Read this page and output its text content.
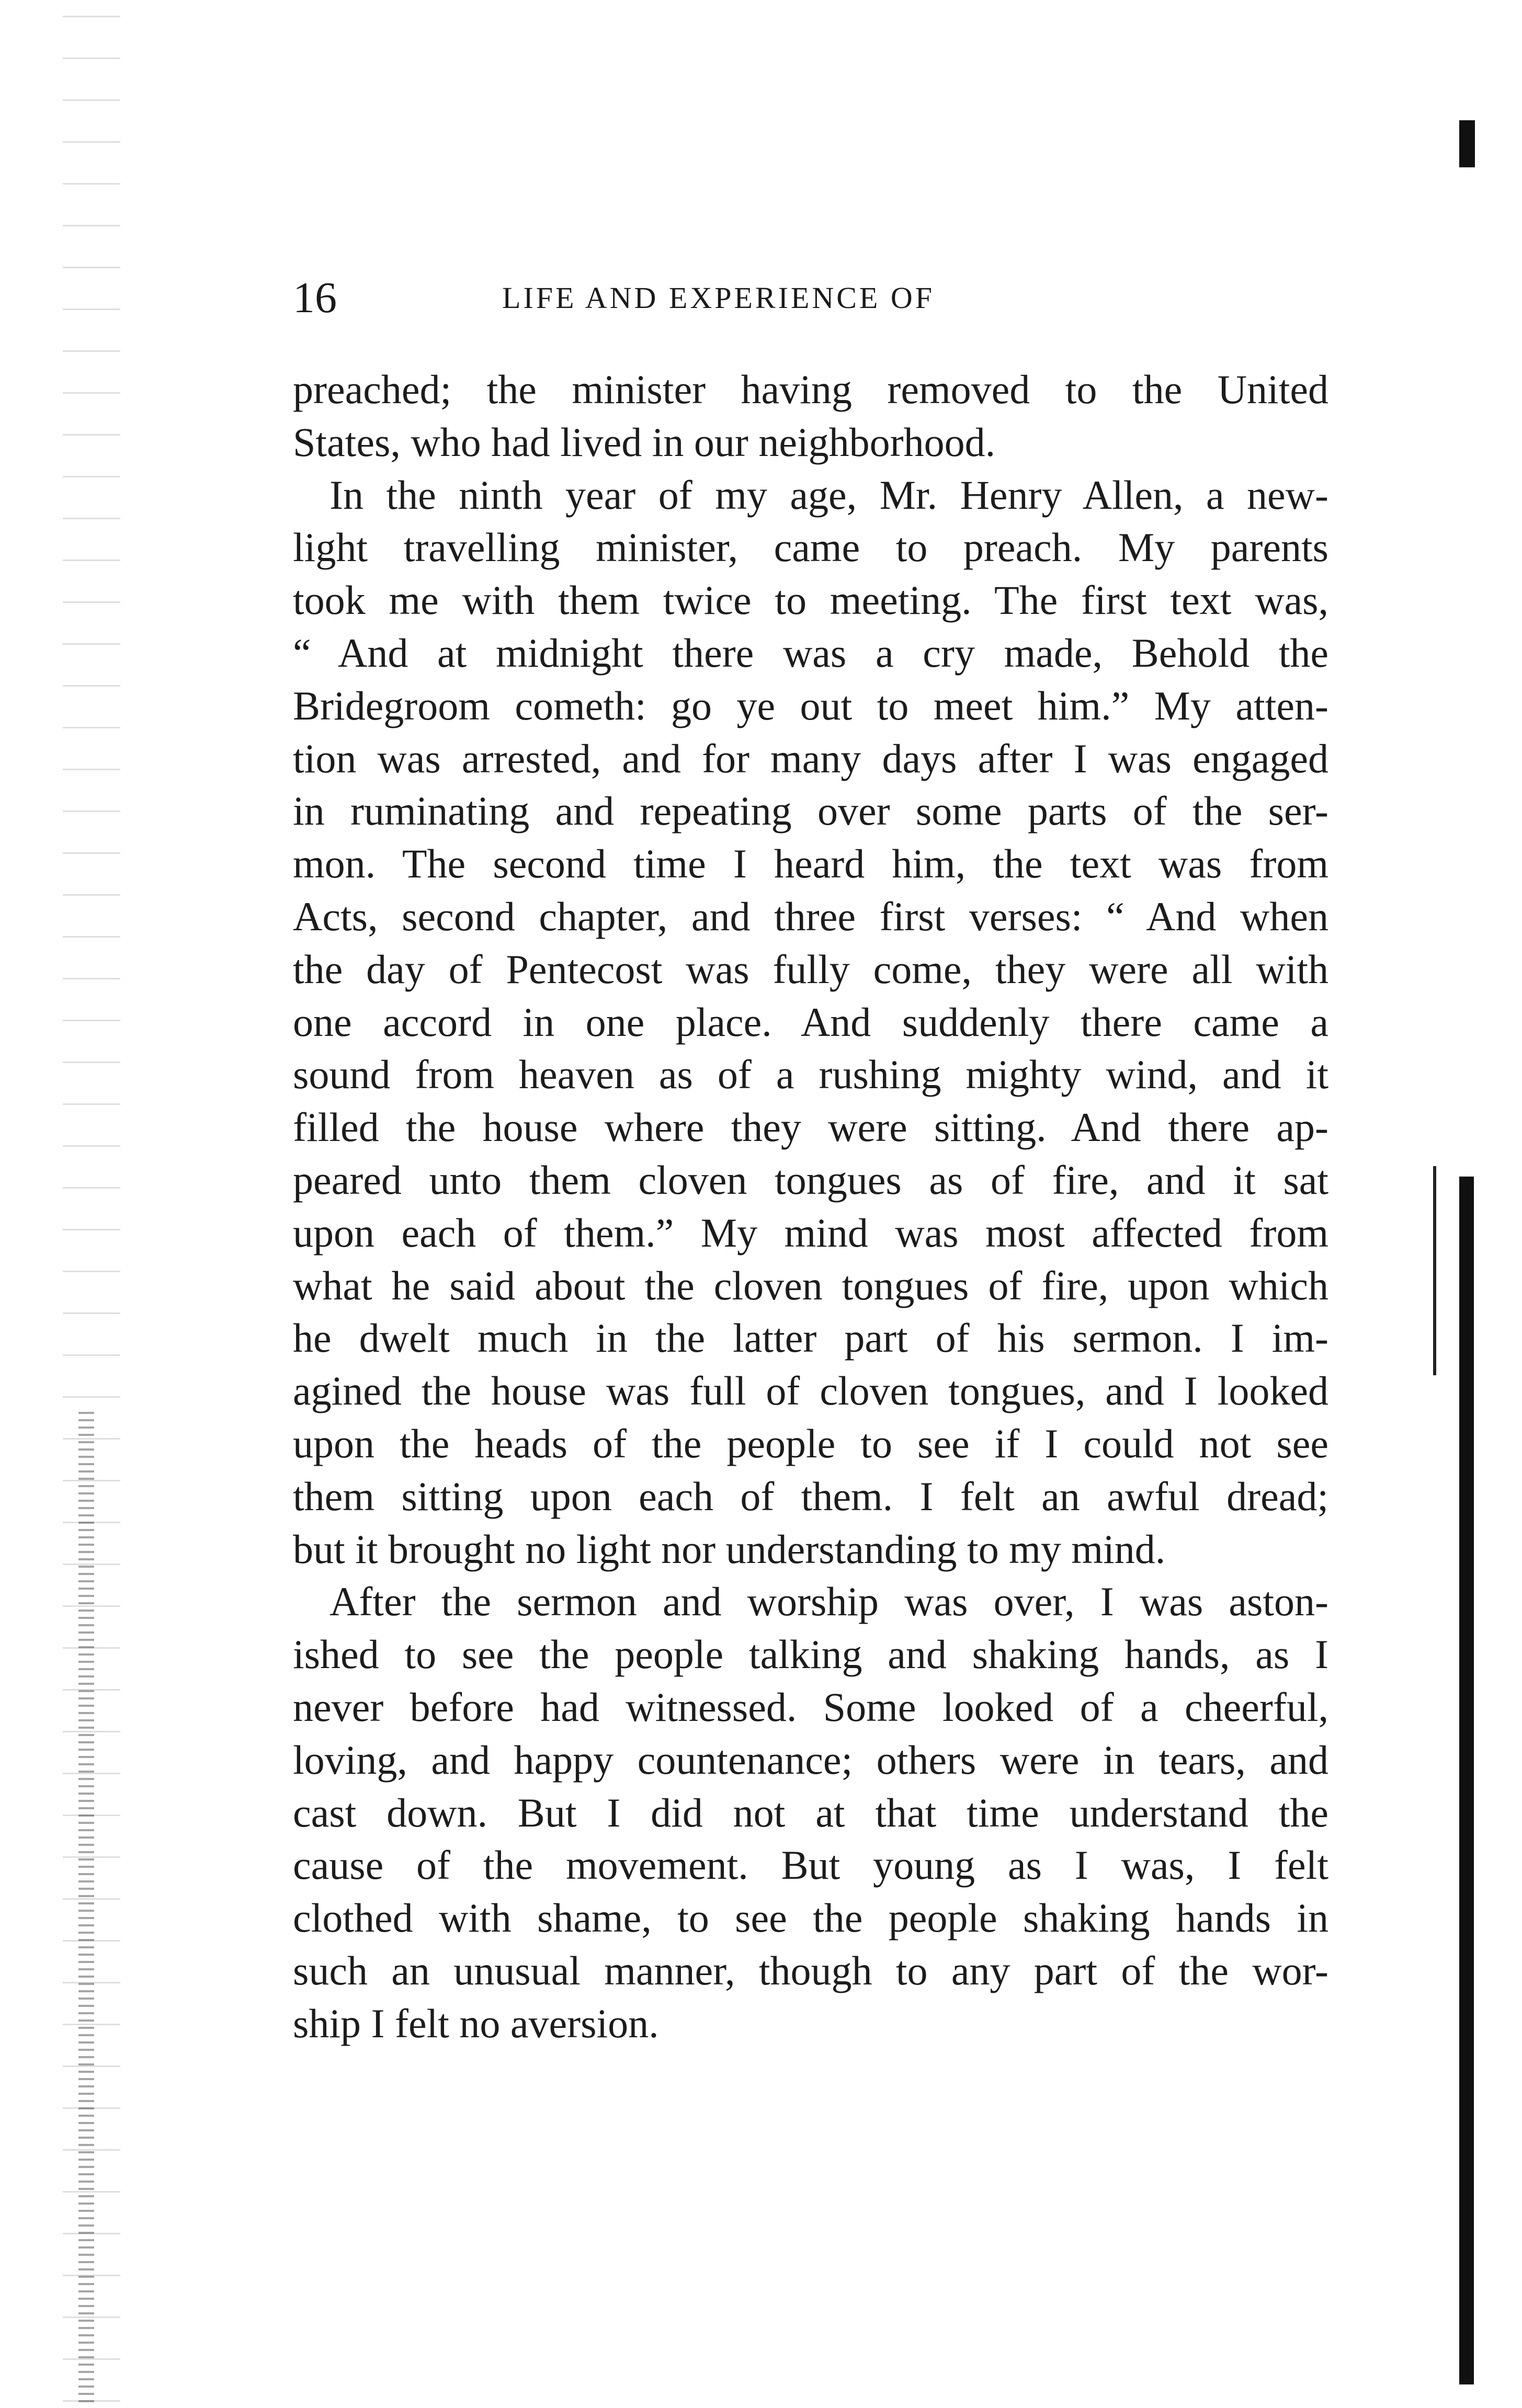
16	LIFE AND EXPERIENCE OF
preached; the minister having removed to the United
States, who had lived in our neighborhood.
In the ninth year of my age, Mr. Henry Allen, a new-
light travelling minister, came to preach. My parents
took me with them twice to meeting. The first text was,
“ And at midnight there was a cry made, Behold the
Bridegroom cometh: go ye out to meet him.” My atten-
tion was arrested, and for many days after I was engaged
in ruminating and repeating over some parts of the ser-
mon. The second time I heard him, the text was from
Acts, second chapter, and three first verses: “ And when
the day of Pentecost was fully come, they were all with
one accord in one place. And suddenly there came a
sound from heaven as of a rushing mighty wind, and it
filled the house where they were sitting. And there ap-
peared unto them cloven tongues as of fire, and it sat
upon each of them.” My mind was most affected from
what he said about the cloven tongues of fire, upon which
he dwelt much in the latter part of his sermon. I im-
agined the house was full of cloven tongues, and I looked
upon the heads of the people to see if I could not see
them sitting upon each of them. I felt an awful dread;
but it brought no light nor understanding to my mind.
After the sermon and worship was over, I was aston-
ished to see the people talking and shaking hands, as I
never before had witnessed. Some looked of a cheerful,
loving, and happy countenance; others were in tears, and
cast down. But I did not at that time understand the
cause of the movement. But young as I was, I felt
clothed with shame, to see the people shaking hands in
such an unusual manner, though to any part of the wor-
ship I felt no aversion.
